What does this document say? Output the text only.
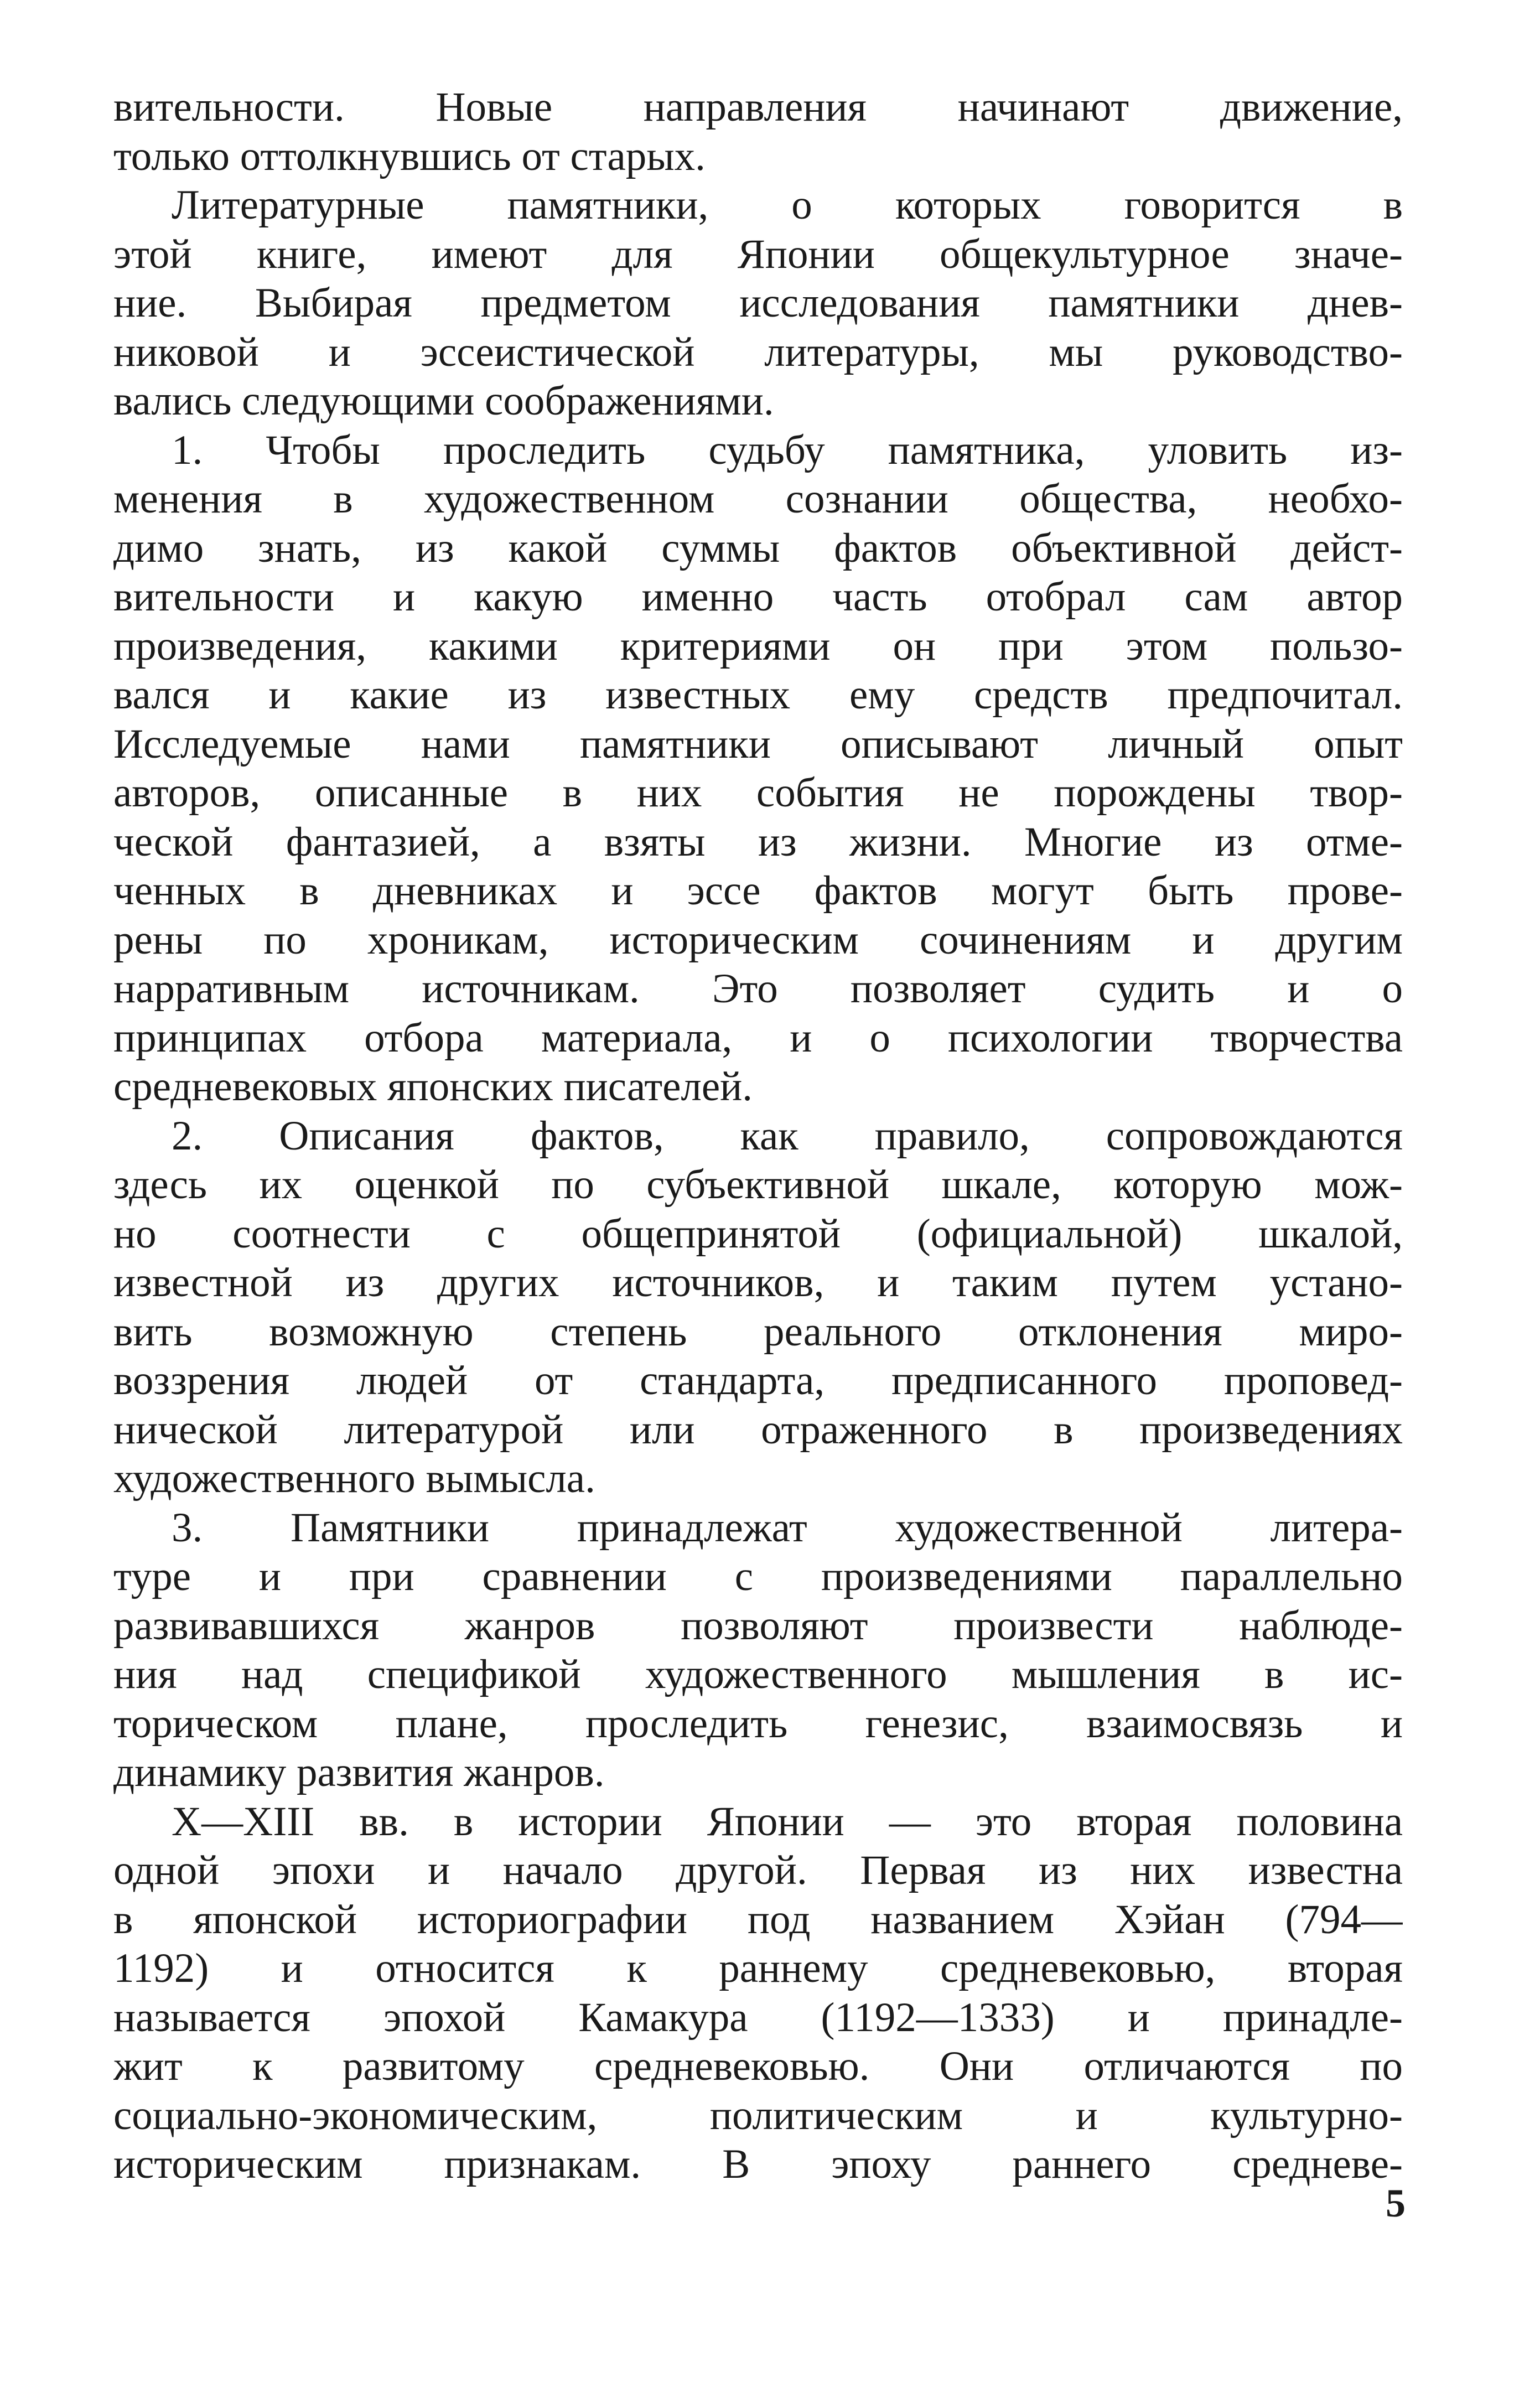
вительности. Новые направления начинают движение,
только оттолкнувшись от старых.
Литературные памятники, о которых говорится в
этой книге, имеют для Японии общекультурное значе-
ние. Выбирая предметом исследования памятники днев-
никовой и эссеистической литературы, мы руководство-
вались следующими соображениями.
1. Чтобы проследить судьбу памятника, уловить из-
менения в художественном сознании общества, необхо-
димо знать, из какой суммы фактов объективной дейст-
вительности и какую именно часть отобрал сам автор
произведения, какими критериями он при этом пользо-
вался и какие из известных ему средств предпочитал.
Исследуемые нами памятники описывают личный опыт
авторов, описанные в них события не порождены твор-
ческой фантазией, а взяты из жизни. Многие из отме-
ченных в дневниках и эссе фактов могут быть прове-
рены по хроникам, историческим сочинениям и другим
нарративным источникам. Это позволяет судить и о
принципах отбора материала, и о психологии творчества
средневековых японских писателей.
2. Описания фактов, как правило, сопровождаются
здесь их оценкой по субъективной шкале, которую мож-
но соотнести с общепринятой (официальной) шкалой,
известной из других источников, и таким путем устано-
вить возможную степень реального отклонения миро-
воззрения людей от стандарта, предписанного проповед-
нической литературой или отраженного в произведениях
художественного вымысла.
3. Памятники принадлежат художественной литера-
туре и при сравнении с произведениями параллельно
развивавшихся жанров позволяют произвести наблюде-
ния над спецификой художественного мышления в ис-
торическом плане, проследить генезис, взаимосвязь и
динамику развития жанров.
X—XIII вв. в истории Японии — это вторая половина
одной эпохи и начало другой. Первая из них известна
в японской историографии под названием Хэйан (794—
1192) и относится к раннему средневековью, вторая
называется эпохой Камакура (1192—1333) и принадле-
жит к развитому средневековью. Они отличаются по
социально-экономическим, политическим и культурно-
историческим признакам. В эпоху раннего средневе-
5
